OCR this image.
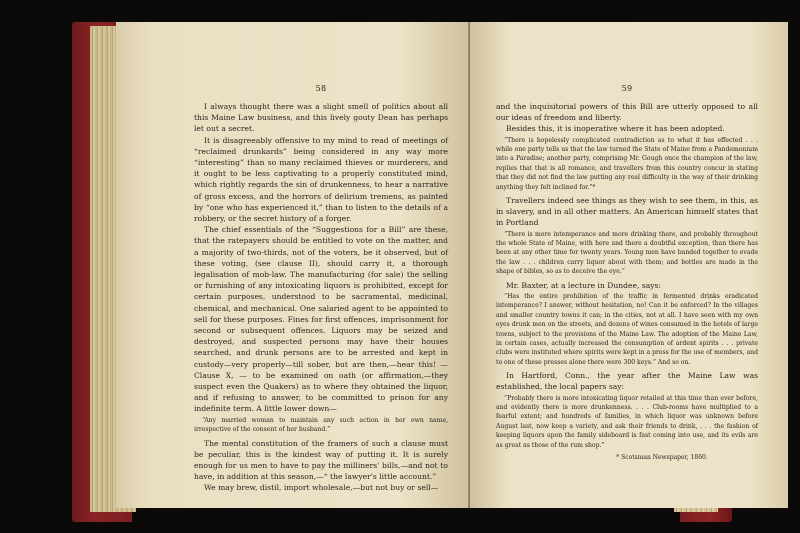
58

I always thought there was a slight smell of politics about all this Maine Law business, and this lively gouty Dean has perhaps let out a secret.

It is disagreeably offensive to my mind to read of meetings of “reclaimed drunkards” being considered in any way more “interesting” than so many reclaimed thieves or murderers, and it ought to be less captivating to a properly constituted mind, which rightly regards the sin of drunkenness, to hear a narrative of gross excess, and the horrors of delirium tremens, as painted by “one who has experienced it,” than to listen to the details of a robbery, or the secret history of a forger.

The chief essentials of the “Suggestions for a Bill” are these, that the ratepayers should be entitled to vote on the matter, and a majority of two-thirds, not of the voters, be it observed, but of these voting, (see clause II), should carry it, a thorough legalisation of mob-law. The manufacturing (for sale) the selling or furnishing of any intoxicating liquors is prohibited, except for certain purposes, understood to be sacramental, medicinal, chemical, and mechanical. One salaried agent to be appointed to sell for these purposes. Fines for first offences, imprisonment for second or subsequent offences. Liquors may be seized and destroyed, and suspected persons may have their houses searched, and drunk persons are to be arrested and kept in custody—very properly—till sober, but are then,—hear this! — Clause X, — to be examined on oath (or affirmation,—they suspect even the Quakers) as to where they obtained the liquor, and if refusing to answer, to be committed to prison for any indefinite term. A little lower down—

“Any married woman to maintain any such action in her own name, irrespective of the consent of her husband.”

The mental constitution of the framers of such a clause must be peculiar, this is the kindest way of putting it. It is surely enough for us men to have to pay the milliners' bills,—and not to have, in addition at this season,—“ the lawyer's little account.”

We may brew, distil, import wholesale,—but not buy or sell—

59

and the inquisitorial powers of this Bill are utterly opposed to all our ideas of freedom and liberty.

Besides this, it is inoperative where it has been adopted.

“There is hopelessly complicated contradiction as to what it has effected . . . while one party tells us that the law turned the State of Maine from a Pandemonium into a Paradise; another party, comprising Mr. Gough once the champion of the law, replies that that is all romance, and travellers from this country concur in stating that they did not find the law putting any real difficulty in the way of their drinking anything they felt inclined for.”*

Travellers indeed see things as they wish to see them, in this, as in slavery, and in all other matters. An American himself states that in Portland

“There is more intemperance and more drinking there, and probably throughout the whole State of Maine, with here and there a doubtful exception, than there has been at any other time for twenty years. Young men have banded together to evade the law . . . children carry liquor about with them; and bottles are made in the shape of bibles, so as to deceive the eye.”

Mr. Baxter, at a lecture in Dundee, says:

“Has the entire prohibition of the traffic in fermented drinks eradicated intemperance? I answer, without hesitation, no! Can it be enforced? In the villages and smaller country towns it can; in the cities, not at all. I have seen with my own eyes drunk men on the streets, and dozens of wines consumed in the hotels of large towns, subject to the provisions of the Maine Law. The adoption of the Maine Law, in certain cases, actually increased the consumption of ardent spirits . . . private clubs were instituted where spirits were kept in a press for the use of members, and to one of these presses alone there were 300 keys.” And so on.

In Hartford, Conn., the year after the Maine Law was established, the local papers say:

“Probably there is more intoxicating liquor retailed at this time than ever before, and evidently there is more drunkenness. . . . Club-rooms have multiplied to a fearful extent; and hundreds of families, in which liquor was unknown before August last, now keep a variety, and ask their friends to drink, . . . the fashion of keeping liquors upon the family sideboard is fast coming into use, and its evils are as great as those of the rum shop.”

* Scotsman Newspaper, 1860.
